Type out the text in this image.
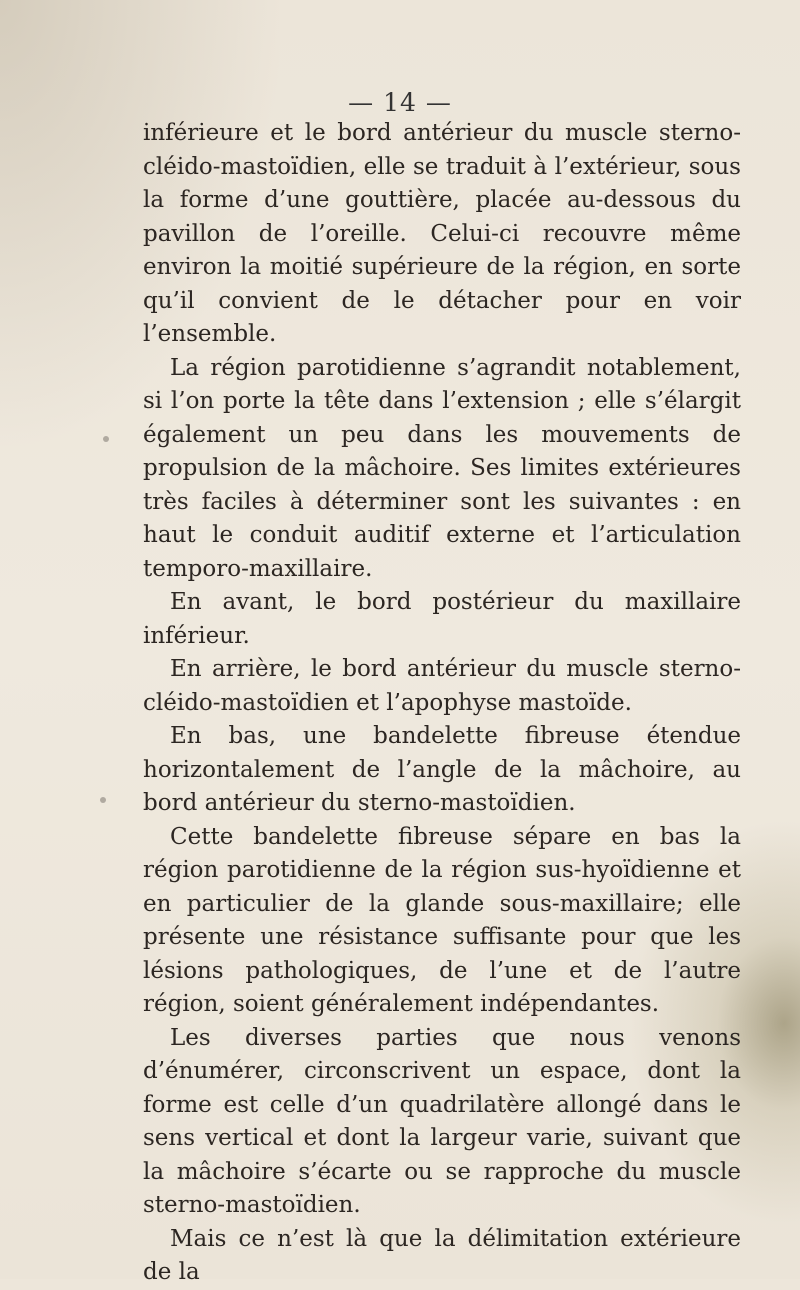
— 14 —

inférieure et le bord antérieur du muscle sterno-cléido-mastoïdien, elle se traduit à l’extérieur, sous la forme d’une gouttière, placée au-dessous du pavillon de l’oreille. Celui-ci recouvre même environ la moitié supérieure de la région, en sorte qu’il convient de le détacher pour en voir l’ensemble.

La région parotidienne s’agrandit notablement, si l’on porte la tête dans l’extension ; elle s’élargit également un peu dans les mouvements de propulsion de la mâchoire. Ses limites extérieures très faciles à déterminer sont les suivantes : en haut le conduit auditif externe et l’articulation temporo-maxillaire.

En avant, le bord postérieur du maxillaire inférieur.

En arrière, le bord antérieur du muscle sterno-cléido-mastoïdien et l’apophyse mastoïde.

En bas, une bandelette fibreuse étendue horizontalement de l’angle de la mâchoire, au bord antérieur du sterno-mastoïdien.

Cette bandelette fibreuse sépare en bas la région parotidienne de la région sus-hyoïdienne et en particulier de la glande sous-maxillaire; elle présente une résistance suffisante pour que les lésions pathologiques, de l’une et de l’autre région, soient généralement indépendantes.

Les diverses parties que nous venons d’énumérer, circonscrivent un espace, dont la forme est celle d’un quadrilatère allongé dans le sens vertical et dont la largeur varie, suivant que la mâchoire s’écarte ou se rapproche du muscle sterno-mastoïdien.

Mais ce n’est là que la délimitation extérieure de la
